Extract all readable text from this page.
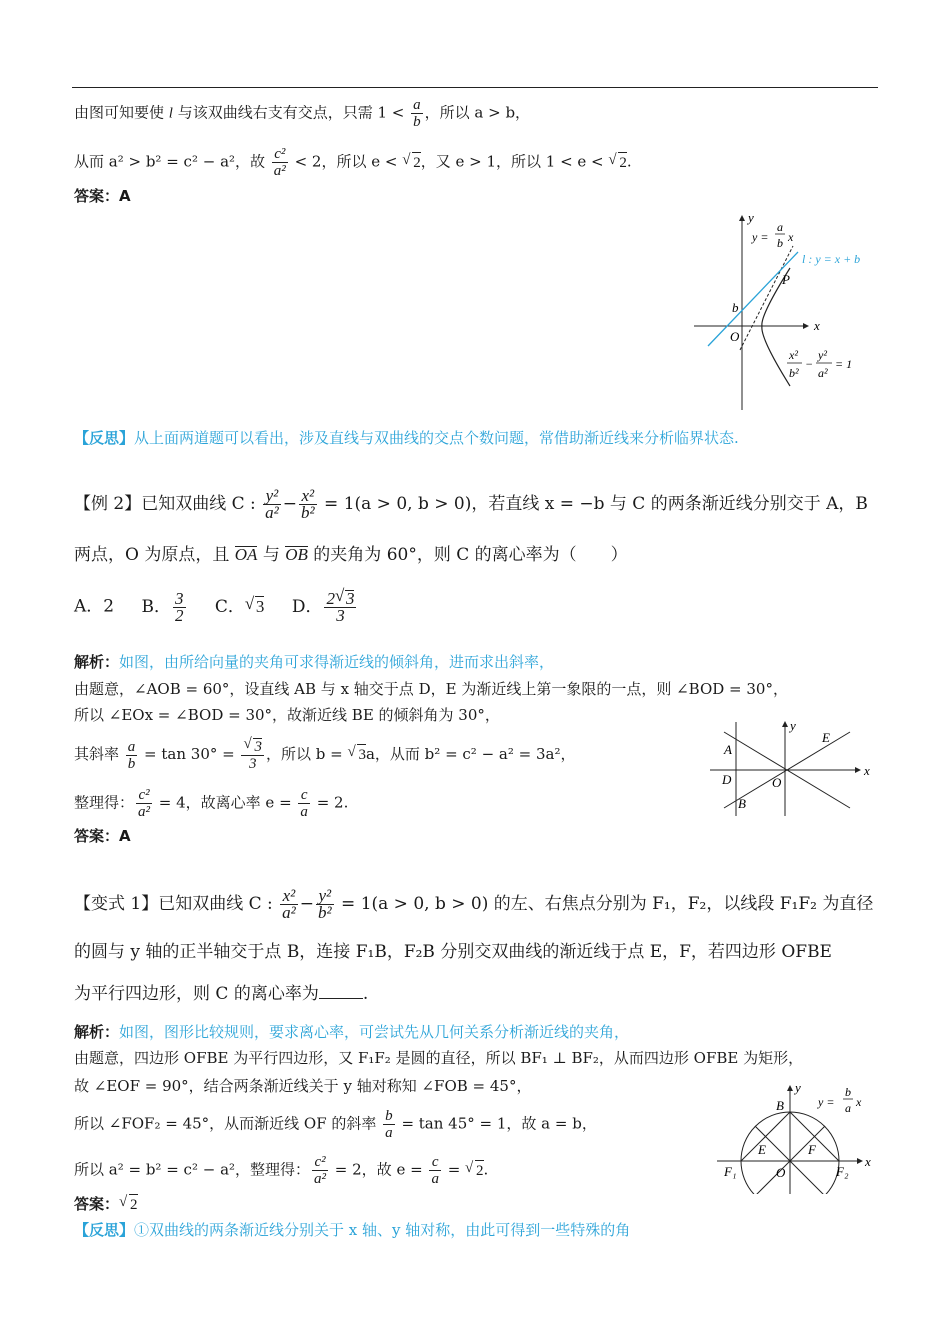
由图可知要使 l 与该双曲线右支有交点，只需 $1 < \frac{a}{b}$ ，所以 a > b，
从而 a² > b² = c² − a²，故 $\frac{\text{c²}}{\text{a²}} < 2$，所以 e < √ 2，又 e > 1，所以 1 < e < √ 2.
答案：A
y
x
O
b
P
y =
a
b x
l : y = x + b
x²
b²
−
y²
a²
= 1
【反思】从上面两道题可以看出，涉及直线与双曲线的交点个数问题，常借助渐近线来分析临界状态.
【例 2】已知双曲线 C : $\frac{\text{y²}}{\text{a²}} - \frac{\text{x²}}{\text{b²}} = 1(a > 0$, b > 0)，若直线 x = −b 与 C 的两条渐近线分别交于 A，B
两点，O 为原点，且 OA 与 OB 的夹角为 60°，则 C 的离心率为（　　）
A．2 B． $\frac{3}{2}$ C． √ 3 D． $\frac{2 √ 3}{3}$
解析：如图，由所给向量的夹角可求得渐近线的倾斜角，进而求出斜率，
由题意，∠AOB = 60°，设直线 AB 与 x 轴交于点 D，E 为渐近线上第一象限的一点，则 ∠BOD = 30°，
所以 ∠EOx = ∠BOD = 30°，故渐近线 BE 的倾斜角为 30°，
其斜率 $\frac{a}{b} = \tan 30^\circ$ = √ $\frac{3}{3}$ ，所以 b = √ 3a，从而 b² = c² − a² = 3a²，
整理得： $\frac{\text{c²}}{\text{a²}} = 4$，故离心率 $e = \frac{c}{a} = 2$.
答案：A
y
x
O
A
B
D
E
【变式 1】已知双曲线 C : $\frac{\text{x²}}{\text{a²}} - \frac{\text{y²}}{\text{b²}} = 1(a > 0$, b > 0) 的左、右焦点分别为 F₁，F₂，以线段 F₁F₂ 为直径
的圆与 y 轴的正半轴交于点 B，连接 F₁B，F₂B 分别交双曲线的渐近线于点 E，F，若四边形 OFBE
为平行四边形，则 C 的离心率为	.
解析：如图，图形比较规则，要求离心率，可尝试先从几何关系分析渐近线的夹角，
由题意，四边形 OFBE 为平行四边形，又 F₁F₂ 是圆的直径，所以 BF₁ ⊥ BF₂，从而四边形 OFBE 为矩形，
故 ∠EOF = 90°，结合两条渐近线关于 y 轴对称知 ∠FOB = 45°，
所以 ∠FOF₂ = 45°，从而渐近线 OF 的斜率 $\frac{b}{a} = \tan 45^\circ = 1$，故 a = b，
所以 a² = b² = c² − a²，整理得： $\frac{\text{c²}}{\text{a²}} = 2$，故 $e = \frac{c}{a}$ = √ 2.
答案： √ 2
y
x
O
B
E	F
F₁	F₂
y =
b
a x
【反思】①双曲线的两条渐近线分别关于 x 轴、y 轴对称，由此可得到一些特殊的角
